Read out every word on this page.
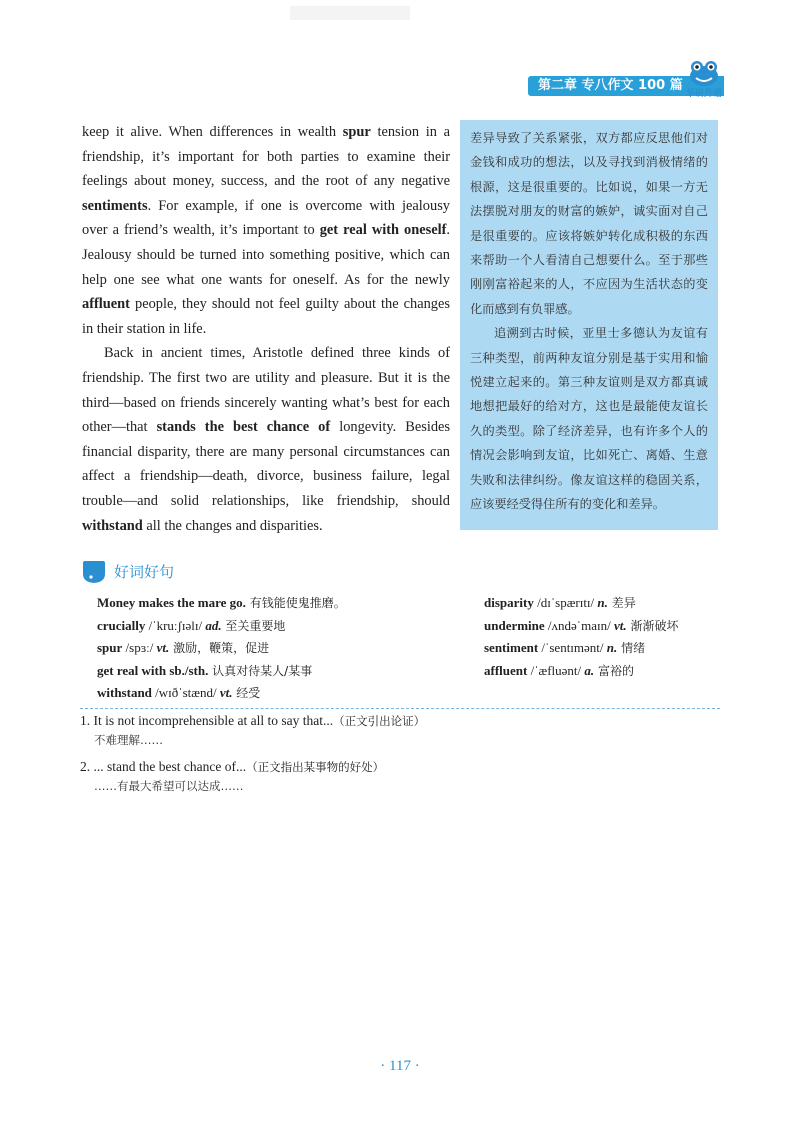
第二章 专八作文 100 篇
华研外语

keep it alive. When differences in wealth spur tension in a friendship, it’s important for both parties to examine their feelings about money, success, and the root of any negative sentiments. For example, if one is overcome with jealousy over a friend’s wealth, it’s important to get real with oneself. Jealousy should be turned into something positive, which can help one see what one wants for oneself. As for the newly affluent people, they should not feel guilty about the changes in their station in life.

Back in ancient times, Aristotle defined three kinds of friendship. The first two are utility and pleasure. But it is the third—based on friends sincerely wanting what’s best for each other—that stands the best chance of longevity. Besides financial disparity, there are many personal circumstances can affect a friendship—death, divorce, business failure, legal trouble—and solid relationships, like friendship, should withstand all the changes and disparities.

差异导致了关系紧张，双方都应反思他们对金钱和成功的想法，以及寻找到消极情绪的根源，这是很重要的。比如说，如果一方无法摆脱对朋友的财富的嫉妒，诚实面对自己是很重要的。应该将嫉妒转化成积极的东西来帮助一个人看清自己想要什么。至于那些刚刚富裕起来的人，不应因为生活状态的变化而感到有负罪感。

追溯到古时候，亚里士多德认为友谊有三种类型，前两种友谊分别是基于实用和愉悦建立起来的。第三种友谊则是双方都真诚地想把最好的给对方，这也是最能使友谊长久的类型。除了经济差异，也有许多个人的情况会影响到友谊，比如死亡、离婚、生意失败和法律纠纷。像友谊这样的稳固关系，应该要经受得住所有的变化和差异。

好词好句
Money makes the mare go. 有钱能使鬼推磨。
crucially /ˈkruːʃɪəlɪ/ ad. 至关重要地
spur /spɜː/ vt. 激励，鞭策，促进
get real with sb./sth. 认真对待某人/某事
withstand /wɪðˈstænd/ vt. 经受
disparity /dɪˈspærɪtɪ/ n. 差异
undermine /ʌndəˈmaɪn/ vt. 渐渐破坏
sentiment /ˈsentɪmənt/ n. 情绪
affluent /ˈæfluənt/ a. 富裕的
1. It is not incomprehensible at all to say that...（正文引出论证）
不难理解……
2. ... stand the best chance of...（正文指出某事物的好处）
……有最大希望可以达成……
· 117 ·
